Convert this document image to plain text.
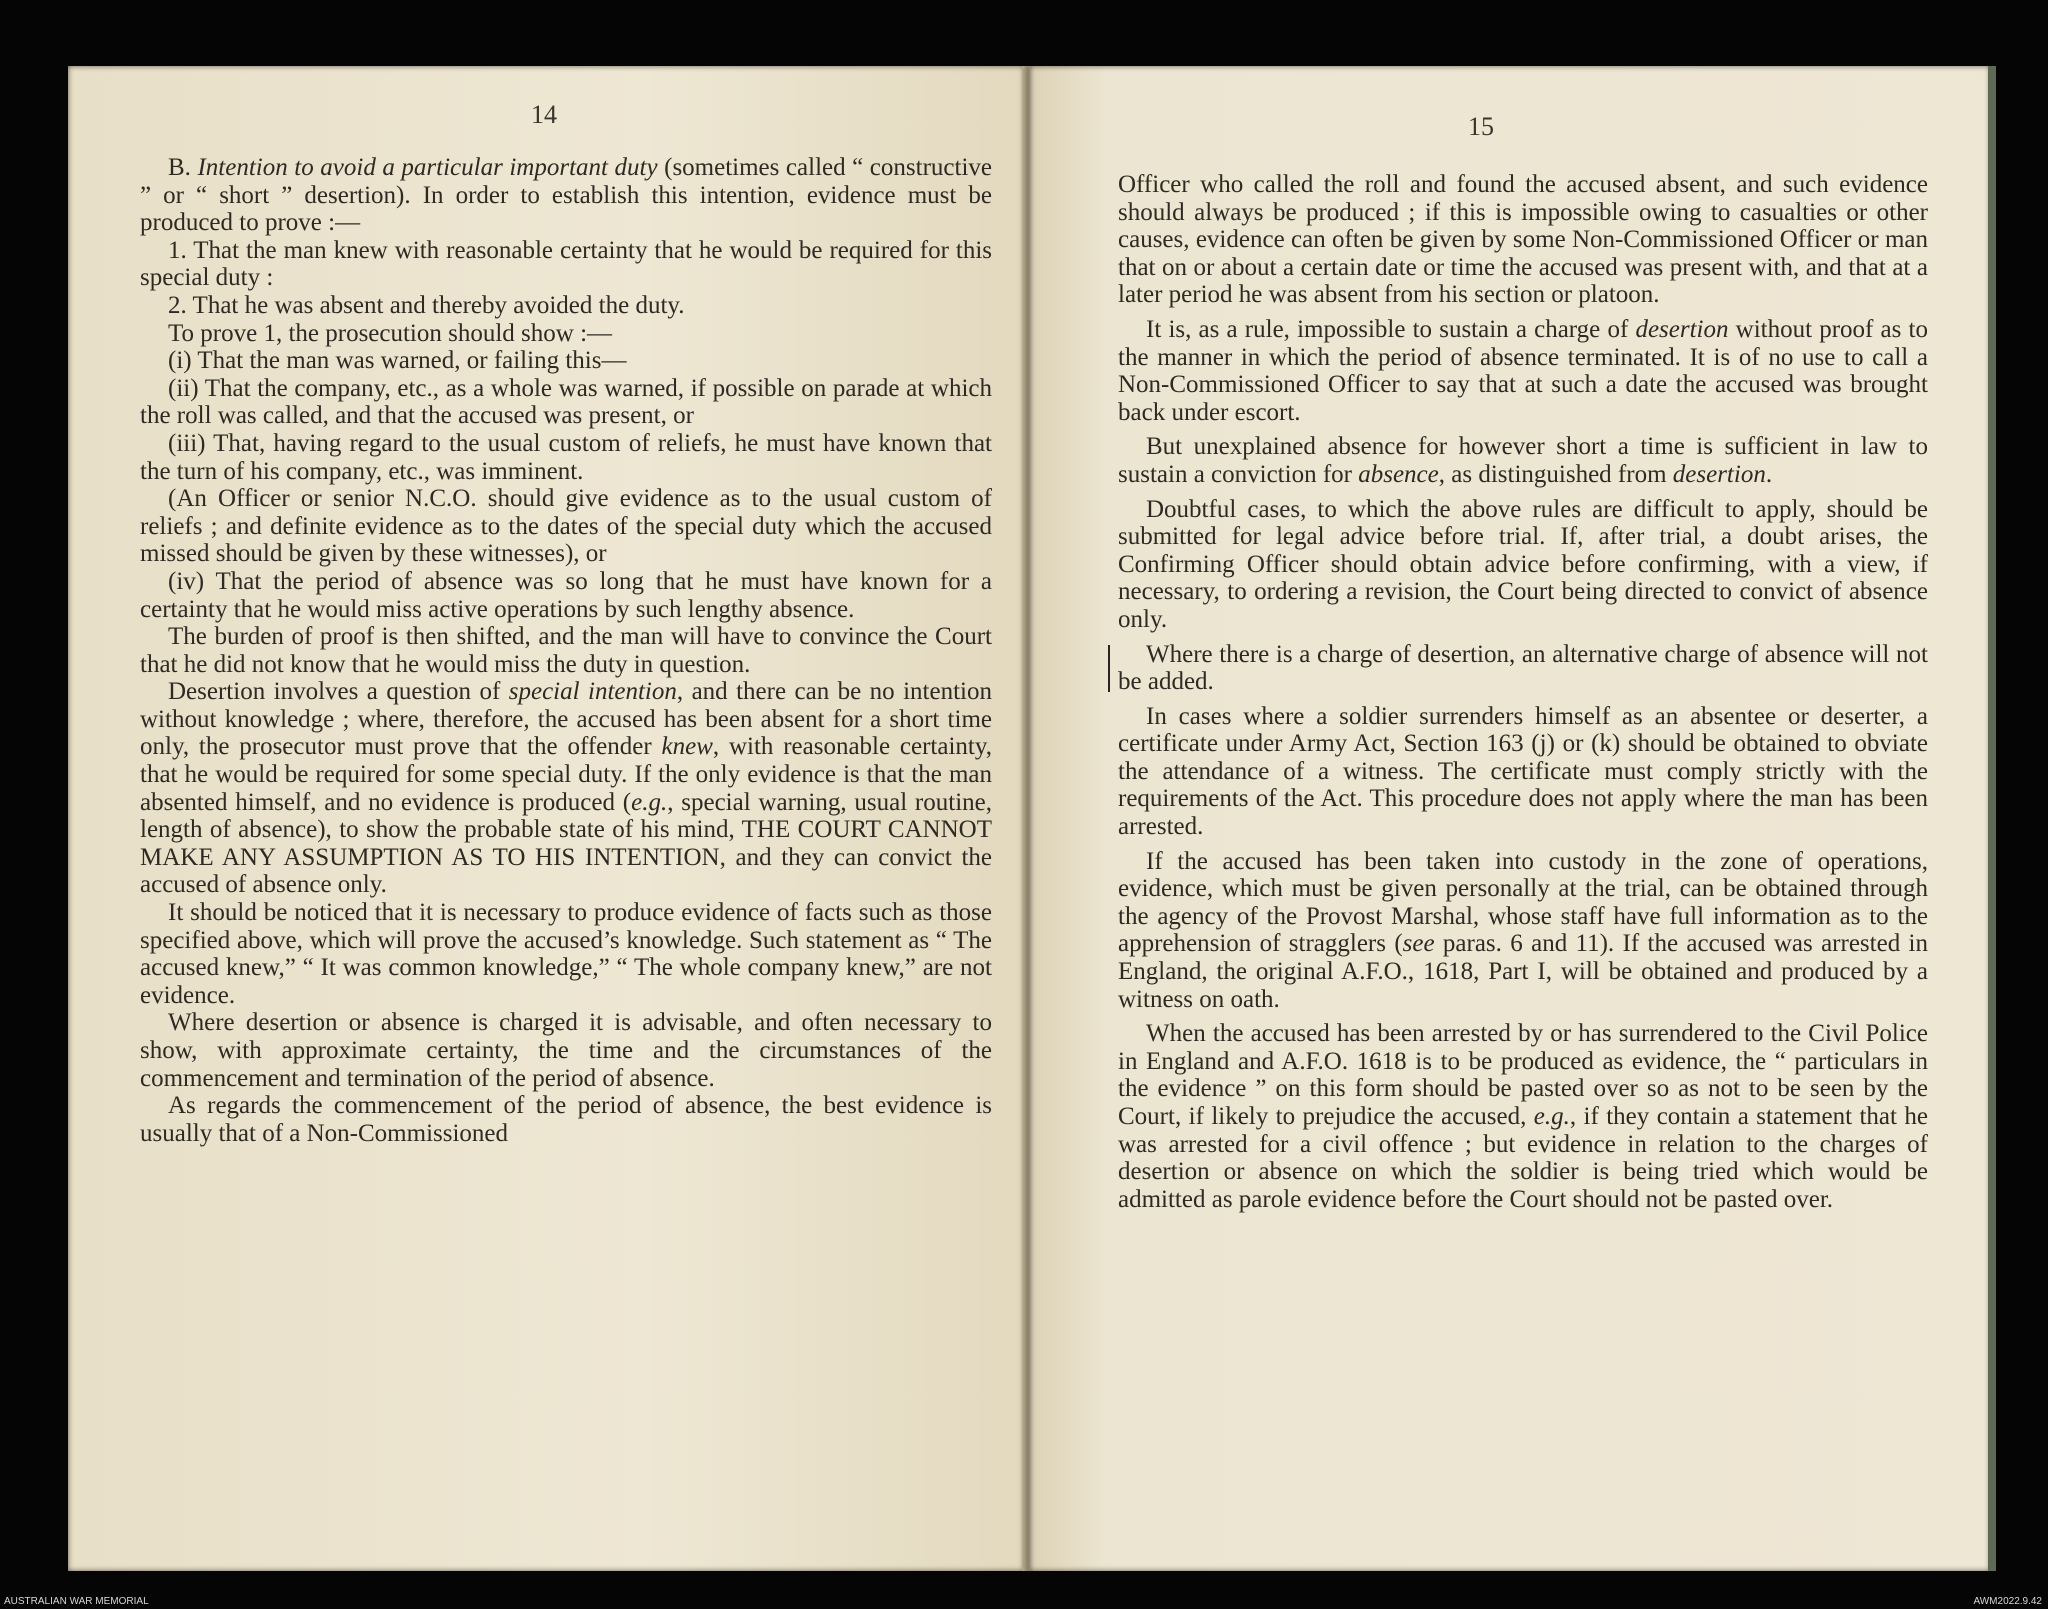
14

B. Intention to avoid a particular important duty (sometimes called “ constructive ” or “ short ” desertion). In order to establish this intention, evidence must be produced to prove :—

1. That the man knew with reasonable certainty that he would be required for this special duty :

2. That he was absent and thereby avoided the duty.

To prove 1, the prosecution should show :—

(i) That the man was warned, or failing this—

(ii) That the company, etc., as a whole was warned, if possible on parade at which the roll was called, and that the accused was present, or

(iii) That, having regard to the usual custom of reliefs, he must have known that the turn of his company, etc., was imminent.

(An Officer or senior N.C.O. should give evidence as to the usual custom of reliefs ; and definite evidence as to the dates of the special duty which the accused missed should be given by these witnesses), or

(iv) That the period of absence was so long that he must have known for a certainty that he would miss active operations by such lengthy absence.

The burden of proof is then shifted, and the man will have to convince the Court that he did not know that he would miss the duty in question.

Desertion involves a question of special intention, and there can be no intention without knowledge ; where, therefore, the accused has been absent for a short time only, the prosecutor must prove that the offender knew, with reasonable certainty, that he would be required for some special duty. If the only evidence is that the man absented himself, and no evidence is produced (e.g., special warning, usual routine, length of absence), to show the probable state of his mind, THE COURT CANNOT MAKE ANY ASSUMPTION AS TO HIS INTENTION, and they can convict the accused of absence only.

It should be noticed that it is necessary to produce evidence of facts such as those specified above, which will prove the accused’s knowledge. Such statement as “ The accused knew,” “ It was common knowledge,” “ The whole company knew,” are not evidence.

Where desertion or absence is charged it is advisable, and often necessary to show, with approximate certainty, the time and the circumstances of the commencement and termination of the period of absence.

As regards the commencement of the period of absence, the best evidence is usually that of a Non-Commissioned

15

Officer who called the roll and found the accused absent, and such evidence should always be produced ; if this is impossible owing to casualties or other causes, evidence can often be given by some Non-Commissioned Officer or man that on or about a certain date or time the accused was present with, and that at a later period he was absent from his section or platoon.

It is, as a rule, impossible to sustain a charge of desertion without proof as to the manner in which the period of absence terminated. It is of no use to call a Non-Commissioned Officer to say that at such a date the accused was brought back under escort.

But unexplained absence for however short a time is sufficient in law to sustain a conviction for absence, as distinguished from desertion.

Doubtful cases, to which the above rules are difficult to apply, should be submitted for legal advice before trial. If, after trial, a doubt arises, the Confirming Officer should obtain advice before confirming, with a view, if necessary, to ordering a revision, the Court being directed to convict of absence only.

Where there is a charge of desertion, an alternative charge of absence will not be added.

In cases where a soldier surrenders himself as an absentee or deserter, a certificate under Army Act, Section 163 (j) or (k) should be obtained to obviate the attendance of a witness. The certificate must comply strictly with the requirements of the Act. This procedure does not apply where the man has been arrested.

If the accused has been taken into custody in the zone of operations, evidence, which must be given personally at the trial, can be obtained through the agency of the Provost Marshal, whose staff have full information as to the apprehension of stragglers (see paras. 6 and 11). If the accused was arrested in England, the original A.F.O., 1618, Part I, will be obtained and produced by a witness on oath.

When the accused has been arrested by or has surrendered to the Civil Police in England and A.F.O. 1618 is to be produced as evidence, the “ particulars in the evidence ” on this form should be pasted over so as not to be seen by the Court, if likely to prejudice the accused, e.g., if they contain a statement that he was arrested for a civil offence ; but evidence in relation to the charges of desertion or absence on which the soldier is being tried which would be admitted as parole evidence before the Court should not be pasted over.

AUSTRALIAN WAR MEMORIAL	AWM2022.9.42
